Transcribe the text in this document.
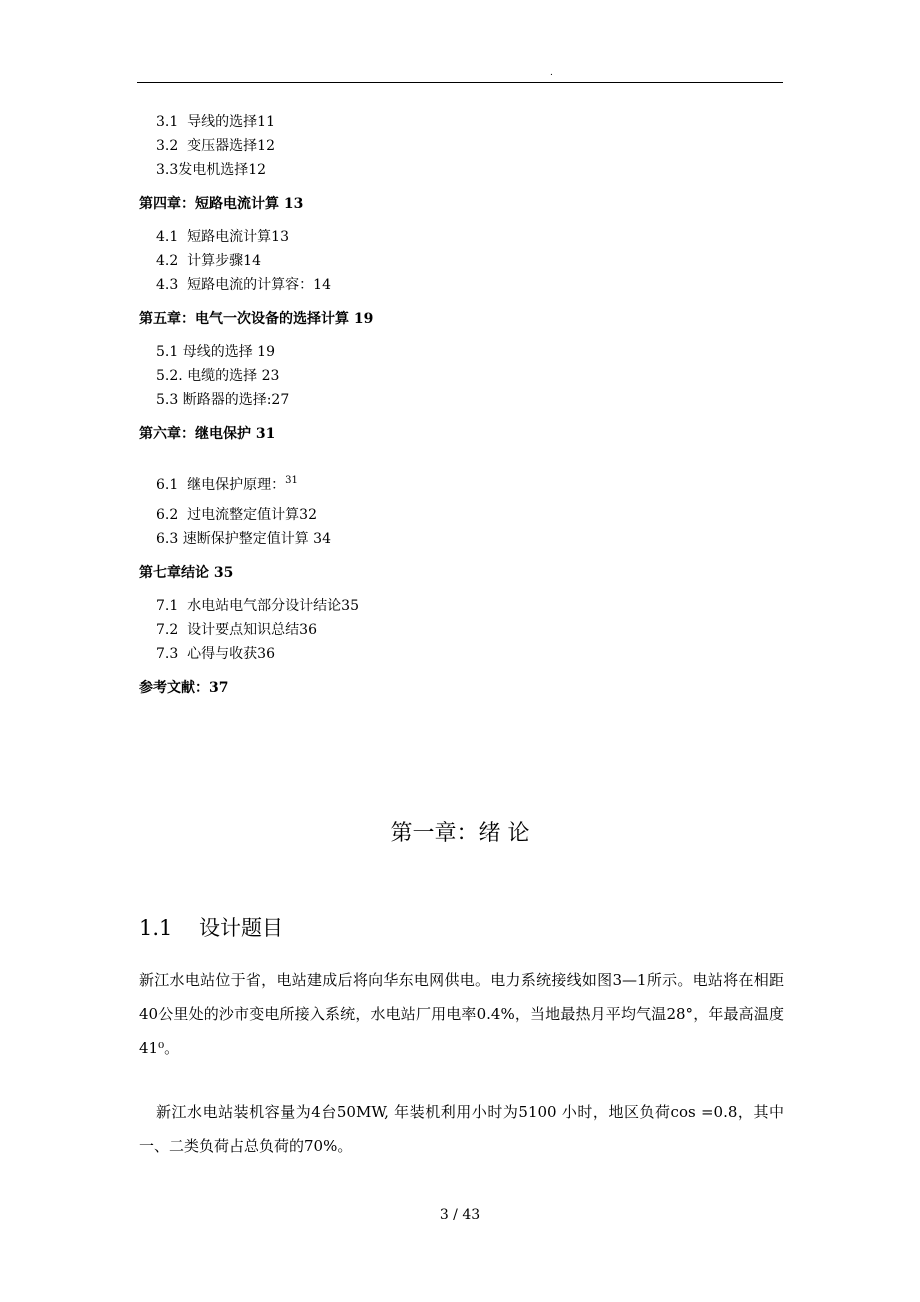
.
3.1 导线的选择11
3.2 变压器选择12
3.3发电机选择12
第四章：短路电流计算 13
4.1 短路电流计算13
4.2 计算步骤14
4.3 短路电流的计算容：14
第五章：电气一次设备的选择计算 19
5.1 母线的选择 19
5.2. 电缆的选择 23
5.3 断路器的选择:27
第六章：继电保护 31
6.1 继电保护原理：$^{31}$
6.2 过电流整定值计算32
6.3 速断保护整定值计算 34
第七章结论 35
7.1 水电站电气部分设计结论35
7.2 设计要点知识总结36
7.3 心得与收获36
参考文献：37
第一章：绪 论
1.1 设计题目
新江水电站位于省，电站建成后将向华东电网供电。电力系统接线如图3—1所示。电站将在相距40公里处的沙市变电所接入系统，水电站厂用电率0.4%，当地最热月平均气温28°，年最高温度41⁰。
新江水电站装机容量为4台50MW, 年装机利用小时为5100 小时，地区负荷cos =0.8，其中一、二类负荷占总负荷的70%。
3 / 43
